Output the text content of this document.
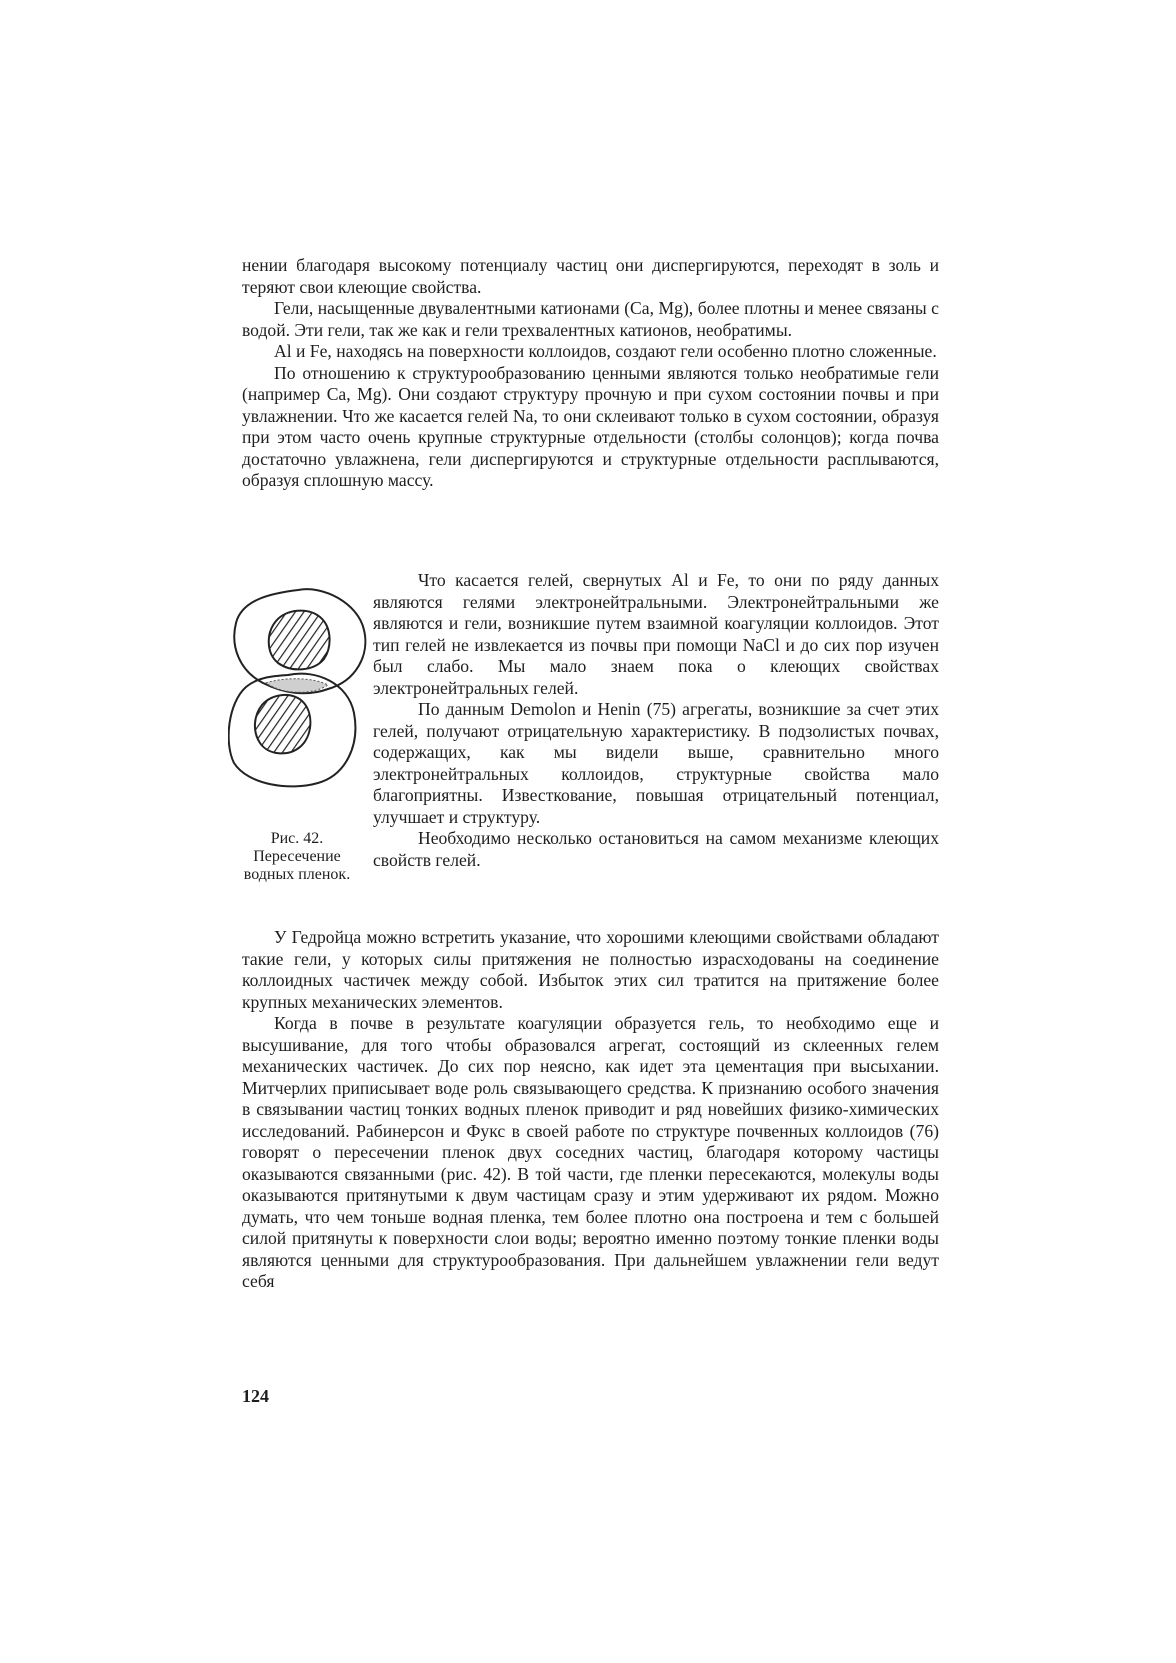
нении благодаря высокому потенциалу частиц они диспергируются, переходят в золь и теряют свои клеющие свойства.

Гели, насыщенные двувалентными катионами (Са, Mg), более плотны и менее связаны с водой. Эти гели, так же как и гели трехвалентных катионов, необратимы.

Al и Fe, находясь на поверхности коллоидов, создают гели особенно плотно сложенные.

По отношению к структурообразованию ценными являются только необратимые гели (например Са, Mg). Они создают структуру прочную и при сухом состоянии почвы и при увлажнении. Что же касается гелей Na, то они склеивают только в сухом состоянии, образуя при этом часто очень крупные структурные отдельности (столбы солонцов); когда почва достаточно увлажнена, гели диспергируются и структурные отдельности расплываются, образуя сплошную массу.

Рис. 42. Пересечение водных пленок.

Что касается гелей, свернутых Al и Fe, то они по ряду данных являются гелями электронейтральными. Электронейтральными же являются и гели, возникшие путем взаимной коагуляции коллоидов. Этот тип гелей не извлекается из почвы при помощи NaCl и до сих пор изучен был слабо. Мы мало знаем пока о клеющих свойствах электронейтральных гелей.

По данным Demolon и Henin (75) агрегаты, возникшие за счет этих гелей, получают отрицательную характеристику. В подзолистых почвах, содержащих, как мы видели выше, сравнительно много электронейтральных коллоидов, структурные свойства мало благоприятны. Известкование, повышая отрицательный потенциал, улучшает и структуру.

Необходимо несколько остановиться на самом механизме клеющих свойств гелей.

У Гедройца можно встретить указание, что хорошими клеющими свойствами обладают такие гели, у которых силы притяжения не полностью израсходованы на соединение коллоидных частичек между собой. Избыток этих сил тратится на притяжение более крупных механических элементов.

Когда в почве в результате коагуляции образуется гель, то необходимо еще и высушивание, для того чтобы образовался агрегат, состоящий из склеенных гелем механических частичек. До сих пор неясно, как идет эта цементация при высыхании. Митчерлих приписывает воде роль связывающего средства. К признанию особого значения в связывании частиц тонких водных пленок приводит и ряд новейших физико-химических исследований. Рабинерсон и Фукс в своей работе по структуре почвенных коллоидов (76) говорят о пересечении пленок двух соседних частиц, благодаря которому частицы оказываются связанными (рис. 42). В той части, где пленки пересекаются, молекулы воды оказываются притянутыми к двум частицам сразу и этим удерживают их рядом. Можно думать, что чем тоньше водная пленка, тем более плотно она построена и тем с большей силой притянуты к поверхности слои воды; вероятно именно поэтому тонкие пленки воды являются ценными для структурообразования. При дальнейшем увлажнении гели ведут себя

124
